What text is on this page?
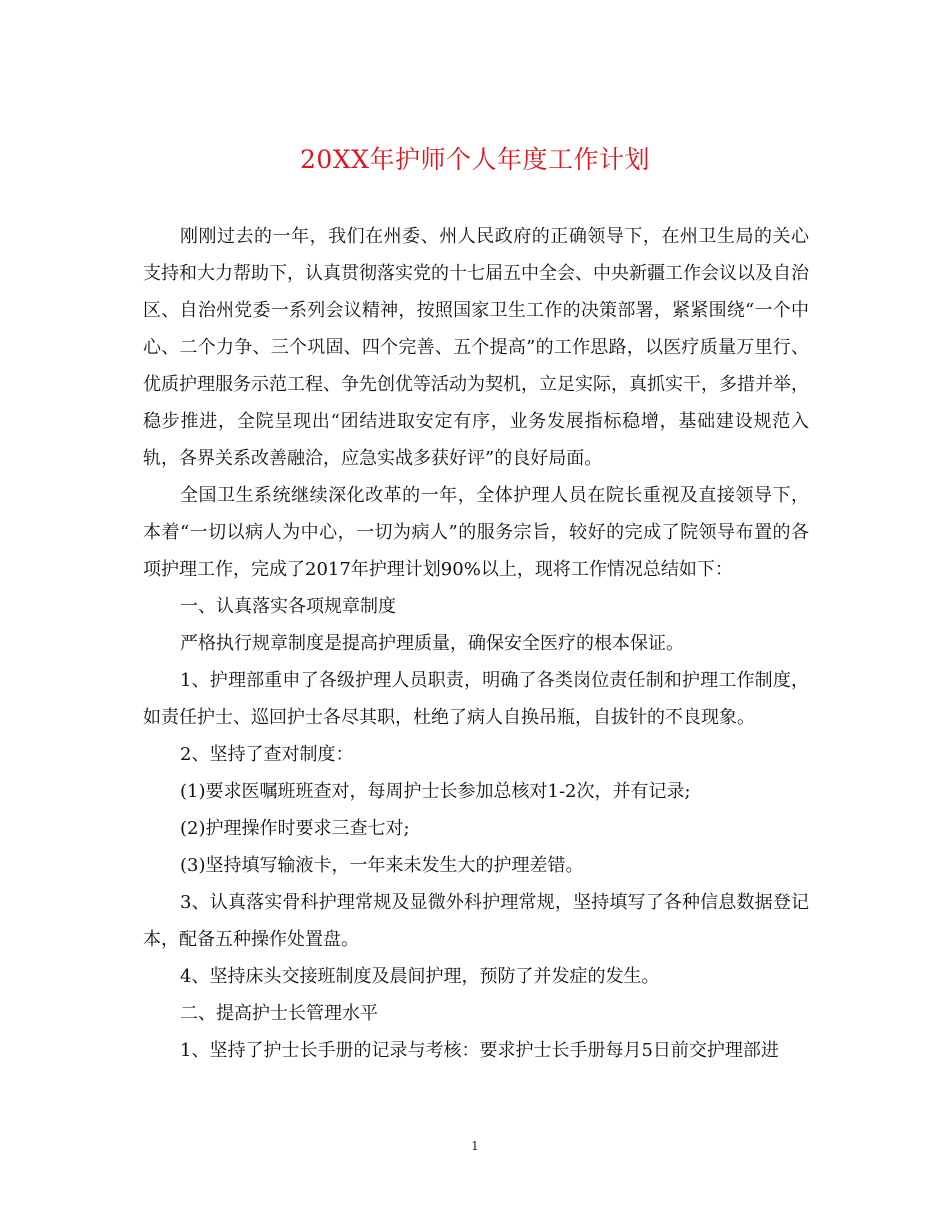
20XX年护师个人年度工作计划

刚刚过去的一年，我们在州委、州人民政府的正确领导下，在州卫生局的关心支持和大力帮助下，认真贯彻落实党的十七届五中全会、中央新疆工作会议以及自治区、自治州党委一系列会议精神，按照国家卫生工作的决策部署，紧紧围绕“一个中心、二个力争、三个巩固、四个完善、五个提高”的工作思路，以医疗质量万里行、优质护理服务示范工程、争先创优等活动为契机，立足实际，真抓实干，多措并举，稳步推进，全院呈现出“团结进取安定有序，业务发展指标稳增，基础建设规范入轨，各界关系改善融洽，应急实战多获好评”的良好局面。

全国卫生系统继续深化改革的一年，全体护理人员在院长重视及直接领导下，本着“一切以病人为中心，一切为病人”的服务宗旨，较好的完成了院领导布置的各项护理工作，完成了2017年护理计划90%以上，现将工作情况总结如下：

一、认真落实各项规章制度

严格执行规章制度是提高护理质量，确保安全医疗的根本保证。

1、护理部重申了各级护理人员职责，明确了各类岗位责任制和护理工作制度，如责任护士、巡回护士各尽其职，杜绝了病人自换吊瓶，自拔针的不良现象。

2、坚持了查对制度：

(1)要求医嘱班班查对，每周护士长参加总核对1-2次，并有记录;

(2)护理操作时要求三查七对;

(3)坚持填写输液卡，一年来未发生大的护理差错。

3、认真落实骨科护理常规及显微外科护理常规，坚持填写了各种信息数据登记本，配备五种操作处置盘。

4、坚持床头交接班制度及晨间护理，预防了并发症的发生。

二、提高护士长管理水平

1、坚持了护士长手册的记录与考核：要求护士长手册每月5日前交护理部进

1
